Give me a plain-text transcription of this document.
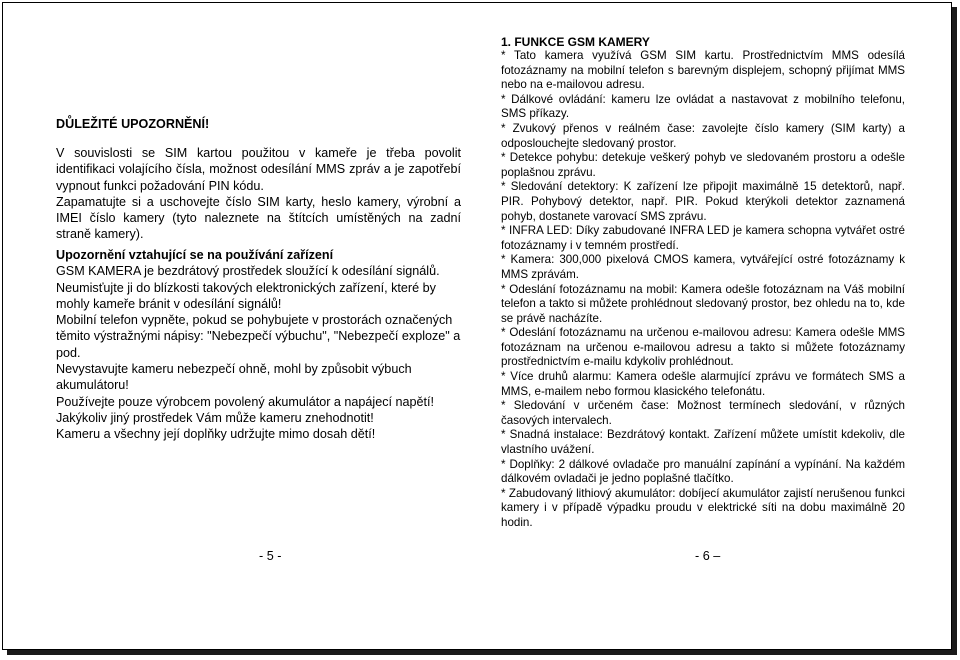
DŮLEŽITÉ UPOZORNĚNÍ!

V souvislosti se SIM kartou použitou v kameře je třeba povolit identifikaci volajícího čísla, možnost odesílání MMS zpráv a je zapotřebí vypnout funkci požadování PIN kódu.

Zapamatujte si a uschovejte číslo SIM karty, heslo kamery, výrobní a IMEI číslo kamery (tyto naleznete na štítcích umístěných na zadní straně kamery).

Upozornění vztahující se na používání zařízení

GSM KAMERA je bezdrátový prostředek sloužící k odesílání signálů.

Neumisťujte ji do blízkosti takových elektronických zařízení, které by mohly kameře bránit v odesílání signálů!

Mobilní telefon vypněte, pokud se pohybujete v prostorách označených těmito výstražnými nápisy: "Nebezpečí výbuchu", "Nebezpečí exploze" a pod.

Nevystavujte kameru nebezpečí ohně, mohl by způsobit výbuch akumulátoru!

Používejte pouze výrobcem povolený akumulátor a napájecí napětí!

Jakýkoliv jiný prostředek Vám může kameru znehodnotit!

Kameru a všechny její doplňky udržujte mimo dosah dětí!

- 5 -

1. FUNKCE GSM KAMERY

* Tato kamera využívá GSM SIM kartu. Prostřednictvím MMS odesílá fotozáznamy na mobilní telefon s barevným displejem, schopný přijímat MMS nebo na e-mailovou adresu.

* Dálkové ovládání: kameru lze ovládat a nastavovat z mobilního telefonu, SMS příkazy.

* Zvukový přenos v reálném čase: zavolejte číslo kamery (SIM karty) a odposlouchejte sledovaný prostor.

* Detekce pohybu: detekuje veškerý pohyb ve sledovaném prostoru a odešle poplašnou zprávu.

* Sledování detektory: K zařízení lze připojit maximálně 15 detektorů, např. PIR. Pohybový detektor, např. PIR. Pokud kterýkoli detektor zaznamená pohyb, dostanete varovací SMS zprávu.

* INFRA LED: Díky zabudované INFRA LED je kamera schopna vytvářet ostré fotozáznamy i v temném prostředí.

* Kamera: 300,000 pixelová CMOS kamera, vytvářející ostré fotozáznamy k MMS zprávám.

* Odeslání fotozáznamu na mobil: Kamera odešle fotozáznam na Váš mobilní telefon a takto si můžete prohlédnout sledovaný prostor, bez ohledu na to, kde se právě nacházíte.

* Odeslání fotozáznamu na určenou e-mailovou adresu: Kamera odešle MMS fotozáznam na určenou e-mailovou adresu a takto si můžete fotozáznamy prostřednictvím e-mailu kdykoliv prohlédnout.

* Více druhů alarmu: Kamera odešle alarmující zprávu ve formátech SMS a MMS, e-mailem nebo formou klasického telefonátu.

* Sledování v určeném čase: Možnost termínech sledování, v různých časových intervalech.

* Snadná instalace: Bezdrátový kontakt. Zařízení můžete umístit kdekoliv, dle vlastního uvážení.

* Doplňky: 2 dálkové ovladače pro manuální zapínání a vypínání. Na každém dálkovém ovladači je jedno poplašné tlačítko.

* Zabudovaný lithiový akumulátor: dobíjecí akumulátor zajistí nerušenou funkci kamery i v případě výpadku proudu v elektrické síti na dobu maximálně 20 hodin.

- 6 –
